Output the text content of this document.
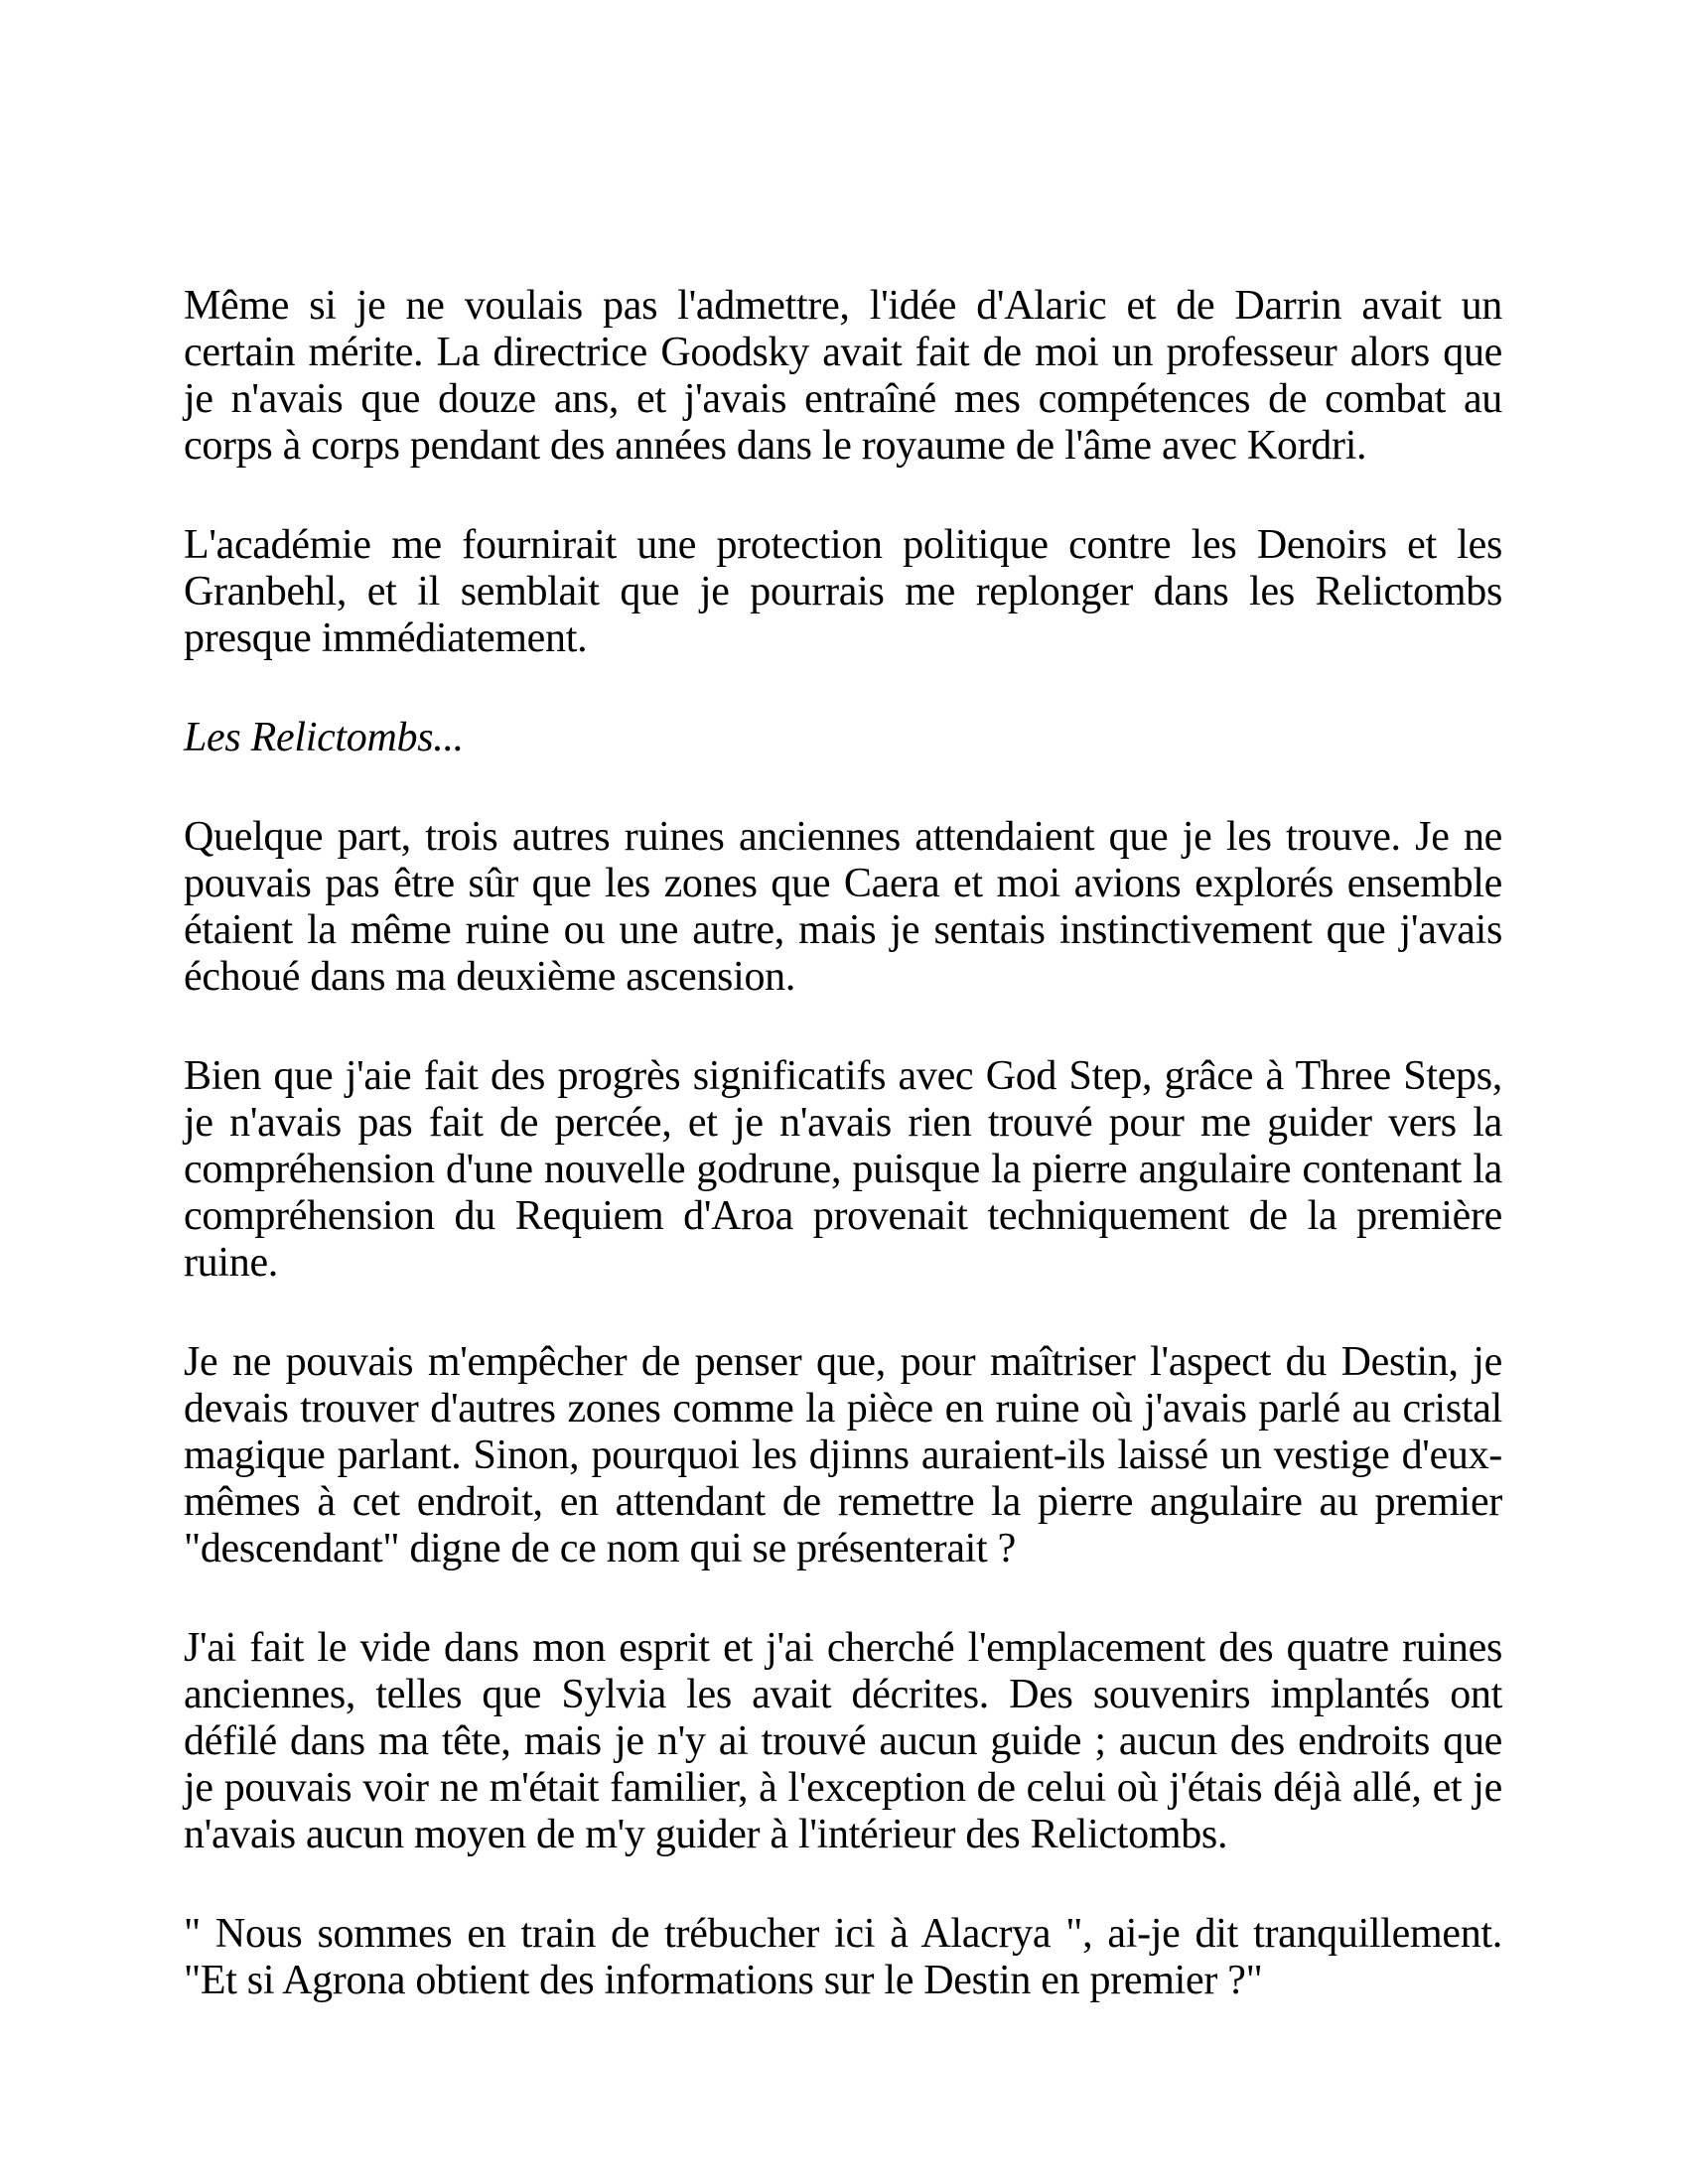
Même si je ne voulais pas l'admettre, l'idée d'Alaric et de Darrin avait un
certain mérite. La directrice Goodsky avait fait de moi un professeur alors que
je n'avais que douze ans, et j'avais entraîné mes compétences de combat au
corps à corps pendant des années dans le royaume de l'âme avec Kordri.
L'académie me fournirait une protection politique contre les Denoirs et les
Granbehl, et il semblait que je pourrais me replonger dans les Relictombs
presque immédiatement.
Les Relictombs...
Quelque part, trois autres ruines anciennes attendaient que je les trouve. Je ne
pouvais pas être sûr que les zones que Caera et moi avions explorés ensemble
étaient la même ruine ou une autre, mais je sentais instinctivement que j'avais
échoué dans ma deuxième ascension.
Bien que j'aie fait des progrès significatifs avec God Step, grâce à Three Steps,
je n'avais pas fait de percée, et je n'avais rien trouvé pour me guider vers la
compréhension d'une nouvelle godrune, puisque la pierre angulaire contenant la
compréhension du Requiem d'Aroa provenait techniquement de la première
ruine.
Je ne pouvais m'empêcher de penser que, pour maîtriser l'aspect du Destin, je
devais trouver d'autres zones comme la pièce en ruine où j'avais parlé au cristal
magique parlant. Sinon, pourquoi les djinns auraient-ils laissé un vestige d'eux-
mêmes à cet endroit, en attendant de remettre la pierre angulaire au premier
"descendant" digne de ce nom qui se présenterait ?
J'ai fait le vide dans mon esprit et j'ai cherché l'emplacement des quatre ruines
anciennes, telles que Sylvia les avait décrites. Des souvenirs implantés ont
défilé dans ma tête, mais je n'y ai trouvé aucun guide ; aucun des endroits que
je pouvais voir ne m'était familier, à l'exception de celui où j'étais déjà allé, et je
n'avais aucun moyen de m'y guider à l'intérieur des Relictombs.
" Nous sommes en train de trébucher ici à Alacrya ", ai-je dit tranquillement.
"Et si Agrona obtient des informations sur le Destin en premier ?"
